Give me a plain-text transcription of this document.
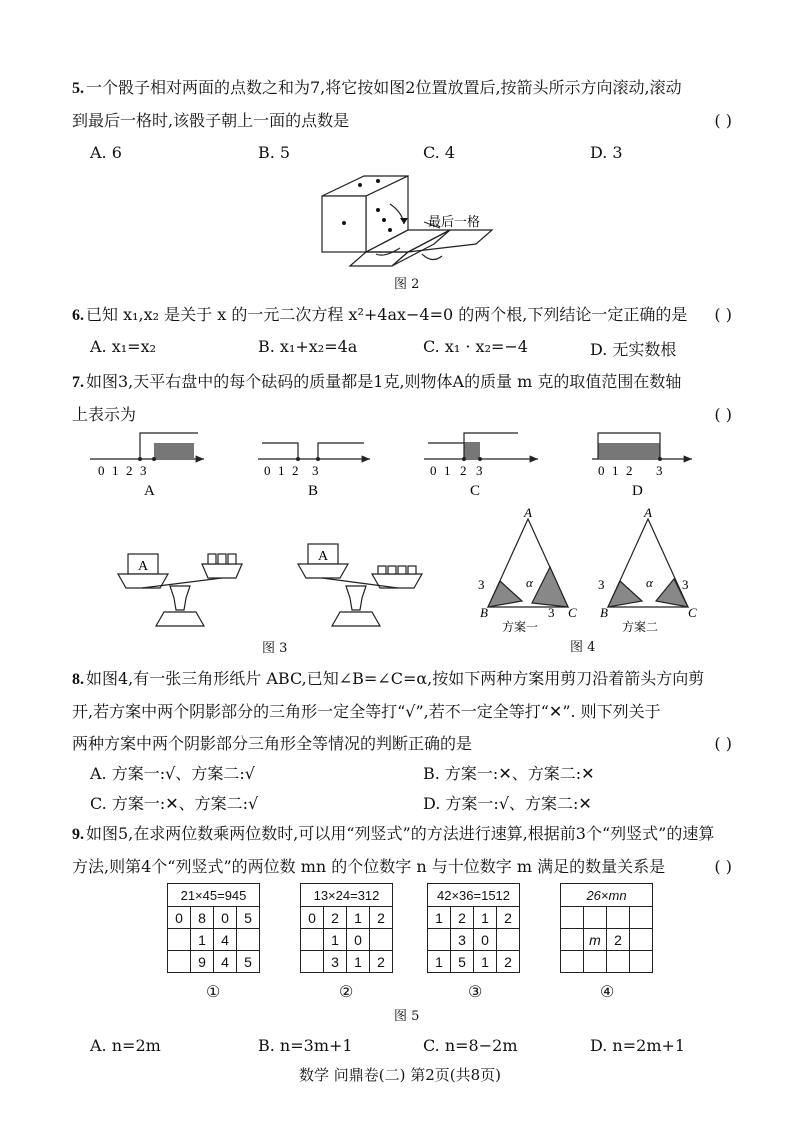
5. 一个骰子相对两面的点数之和为7,将它按如图2位置放置后,按箭头所示方向滚动,滚动
到最后一格时,该骰子朝上一面的点数是	( )
A. 6	B. 5	C. 4	D. 3
最后一格
图 2
6. 已知 x₁,x₂ 是关于 x 的一元二次方程 x²+4ax−4=0 的两个根,下列结论一定正确的是 ( )
A. x₁=x₂	B. x₁+x₂=4a	C. x₁ · x₂=−4	D. 无实数根
7. 如图3,天平右盘中的每个砝码的质量都是1克,则物体A的质量 m 克的取值范围在数轴
上表示为	( )
0 1 2 3	0 1 2 3	0 1 2 3	0 1 2 3
A	B	C	D
A
A
图 3
A
B	C
α
A
B	C
α
3
3
3	3
方案一	方案二
图 4
8. 如图4,有一张三角形纸片 ABC,已知∠B=∠C=α,按如下两种方案用剪刀沿着箭头方向剪
开,若方案中两个阴影部分的三角形一定全等打“√”,若不一定全等打“✕”. 则下列关于
两种方案中两个阴影部分三角形全等情况的判断正确的是	( )
A. 方案一:√、方案二:√	B. 方案一:✕、方案二:✕
C. 方案一:✕、方案二:√	D. 方案一:√、方案二:✕
9. 如图5,在求两位数乘两位数时,可以用“列竖式”的方法进行速算,根据前3个“列竖式”的速算
方法,则第4个“列竖式”的两位数 mn 的个位数字 n 与十位数字 m 满足的数量关系是	( )
21×45=945			
0	8	0	5
	1	4	
	9	4	5
13×24=312			
0	2	1	2
	1	0	
	3	1	2
42×36=1512			
1	2	1	2
	3	0	
1	5	1	2
26×mn			

	m	2	

①	②	③	④
图 5
A. n=2m	B. n=3m+1	C. n=8−2m	D. n=2m+1
数学 问鼎卷(二) 第2页(共8页)
